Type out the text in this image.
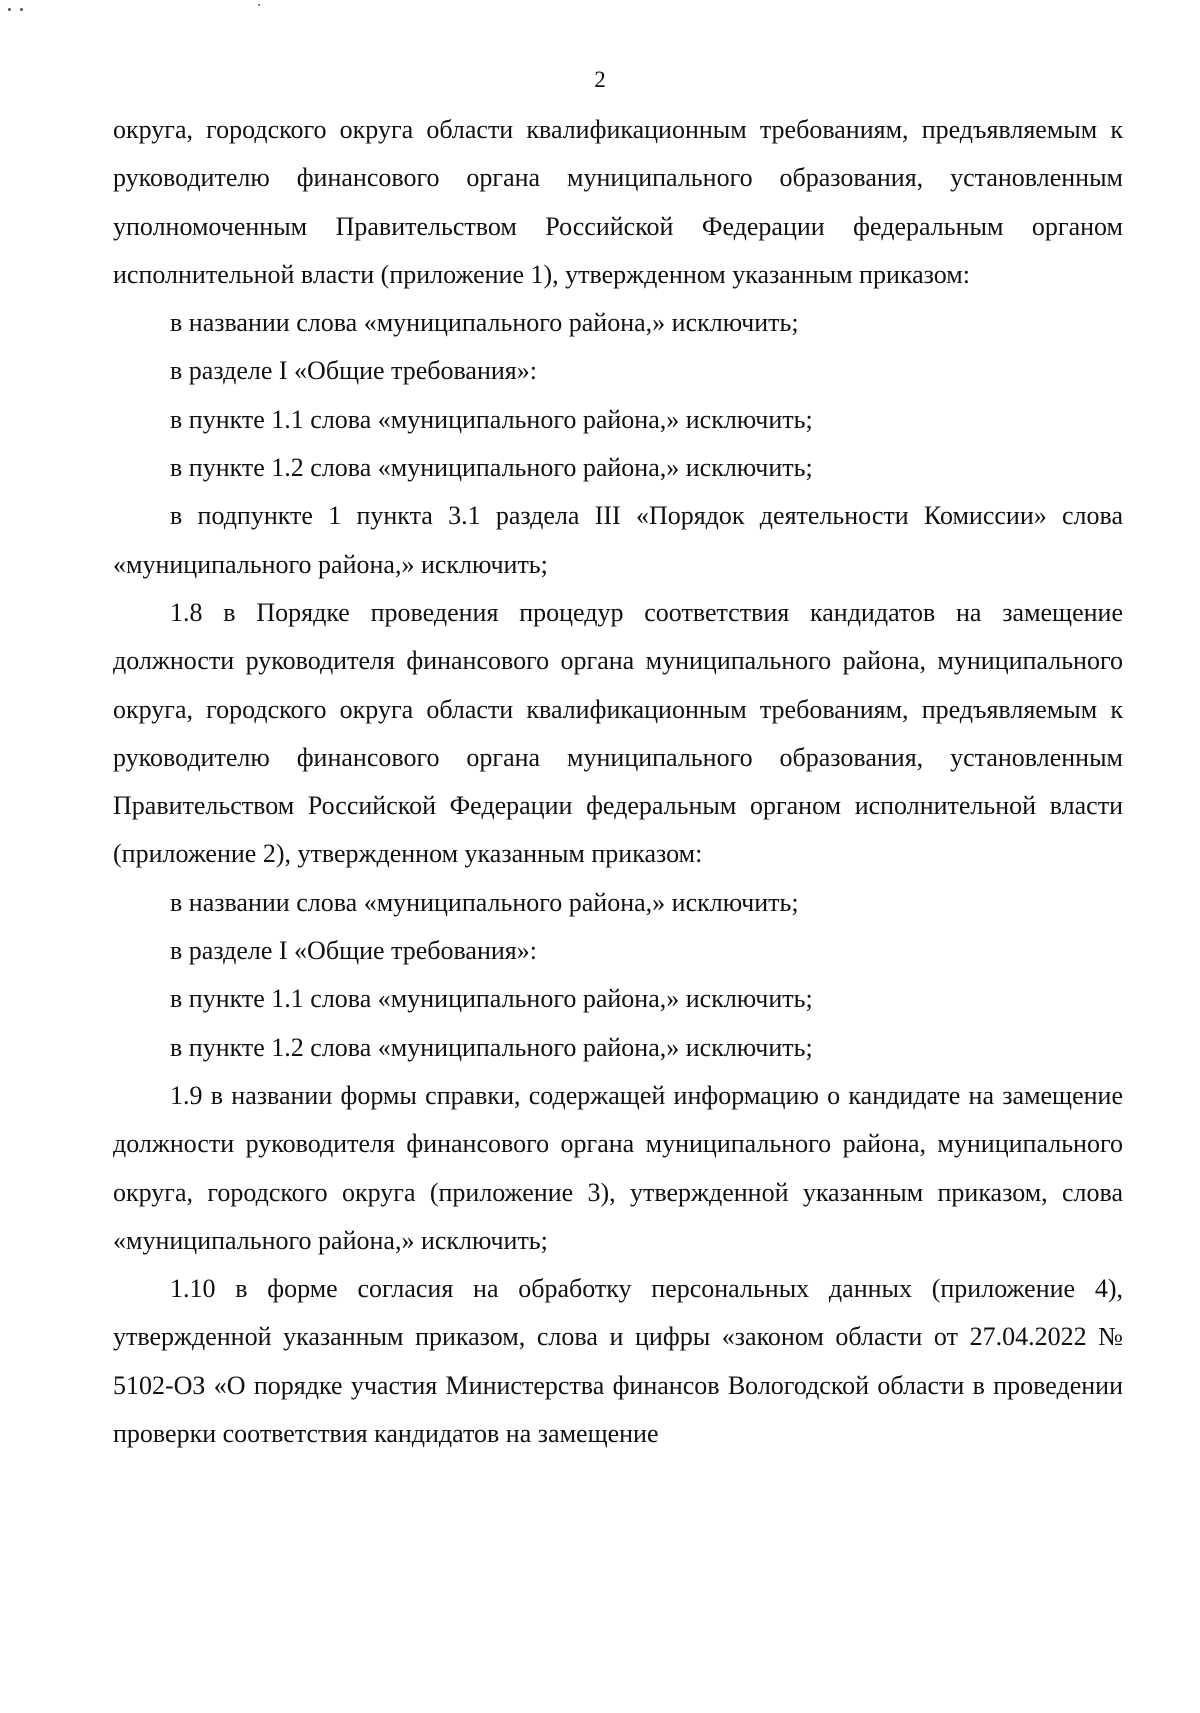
2

округа, городского округа области квалификационным требованиям, предъявляемым к руководителю финансового органа муниципального образования, установленным уполномоченным Правительством Российской Федерации федеральным органом исполнительной власти (приложение 1), утвержденном указанным приказом:

в названии слова «муниципального района,» исключить;

в разделе I «Общие требования»:

в пункте 1.1 слова «муниципального района,» исключить;

в пункте 1.2 слова «муниципального района,» исключить;

в подпункте 1 пункта 3.1 раздела III «Порядок деятельности Комиссии» слова «муниципального района,» исключить;

1.8 в Порядке проведения процедур соответствия кандидатов на замещение должности руководителя финансового органа муниципального района, муниципального округа, городского округа области квалификационным требованиям, предъявляемым к руководителю финансового органа муниципального образования, установленным Правительством Российской Федерации федеральным органом исполнительной власти (приложение 2), утвержденном указанным приказом:

в названии слова «муниципального района,» исключить;

в разделе I «Общие требования»:

в пункте 1.1 слова «муниципального района,» исключить;

в пункте 1.2 слова «муниципального района,» исключить;

1.9 в названии формы справки, содержащей информацию о кандидате на замещение должности руководителя финансового органа муниципального района, муниципального округа, городского округа (приложение 3), утвержденной указанным приказом, слова «муниципального района,» исключить;

1.10 в форме согласия на обработку персональных данных (приложение 4), утвержденной указанным приказом, слова и цифры «законом области от 27.04.2022 № 5102-ОЗ «О порядке участия Министерства финансов Вологодской области в проведении проверки соответствия кандидатов на замещение
